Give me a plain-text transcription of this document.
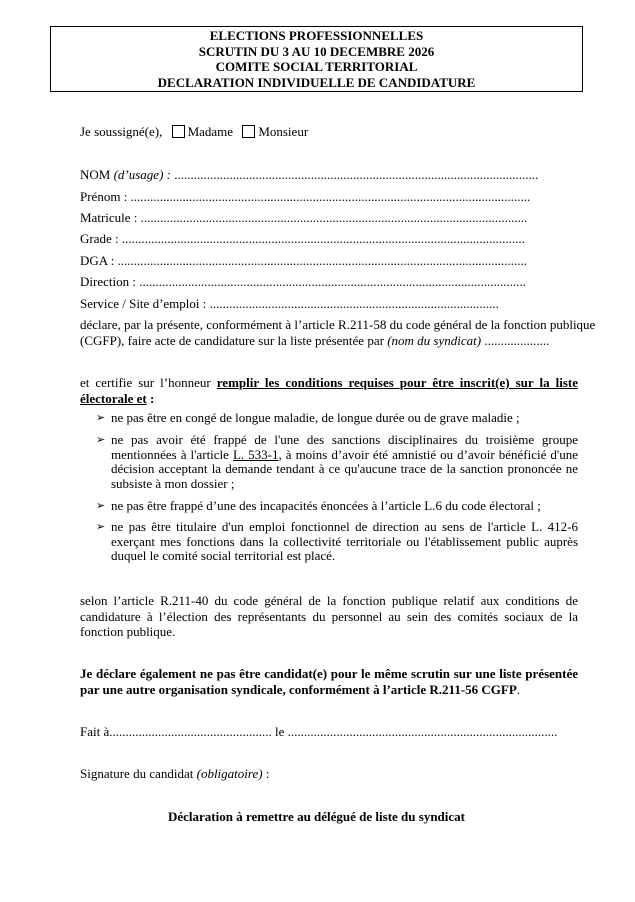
ELECTIONS PROFESSIONNELLES
SCRUTIN DU 3 AU 10 DECEMBRE 2026
COMITE SOCIAL TERRITORIAL
DECLARATION INDIVIDUELLE DE CANDIDATURE
Je soussigné(e), Madame Monsieur
NOM (d’usage) : ................................................................................................................
Prénom : ...........................................................................................................................
Matricule : .......................................................................................................................
Grade : ............................................................................................................................
DGA : ..............................................................................................................................
Direction : .......................................................................................................................
Service / Site d’emploi : .........................................................................................
déclare, par la présente, conformément à l’article R.211-58 du code général de la fonction publique (CGFP), faire acte de candidature sur la liste présentée par (nom du syndicat) ....................
et certifie sur l’honneur remplir les conditions requises pour être inscrit(e) sur la liste électorale et :
➢ ne pas être en congé de longue maladie, de longue durée ou de grave maladie ;
➢ ne pas avoir été frappé de l'une des sanctions disciplinaires du troisième groupe mentionnées à l'article L. 533-1, à moins d’avoir été amnistié ou d’avoir bénéficié d'une décision acceptant la demande tendant à ce qu'aucune trace de la sanction prononcée ne subsiste à mon dossier ;
➢ ne pas être frappé d’une des incapacités énoncées à l’article L.6 du code électoral ;
➢ ne pas être titulaire d'un emploi fonctionnel de direction au sens de l'article L. 412-6 exerçant mes fonctions dans la collectivité territoriale ou l'établissement public auprès duquel le comité social territorial est placé.
selon l’article R.211-40 du code général de la fonction publique relatif aux conditions de candidature à l’élection des représentants du personnel au sein des comités sociaux de la fonction publique.
Je déclare également ne pas être candidat(e) pour le même scrutin sur une liste présentée par une autre organisation syndicale, conformément à l’article R.211-56 CGFP.
Fait à.................................................. le ...................................................................................
Signature du candidat (obligatoire) :
Déclaration à remettre au délégué de liste du syndicat
